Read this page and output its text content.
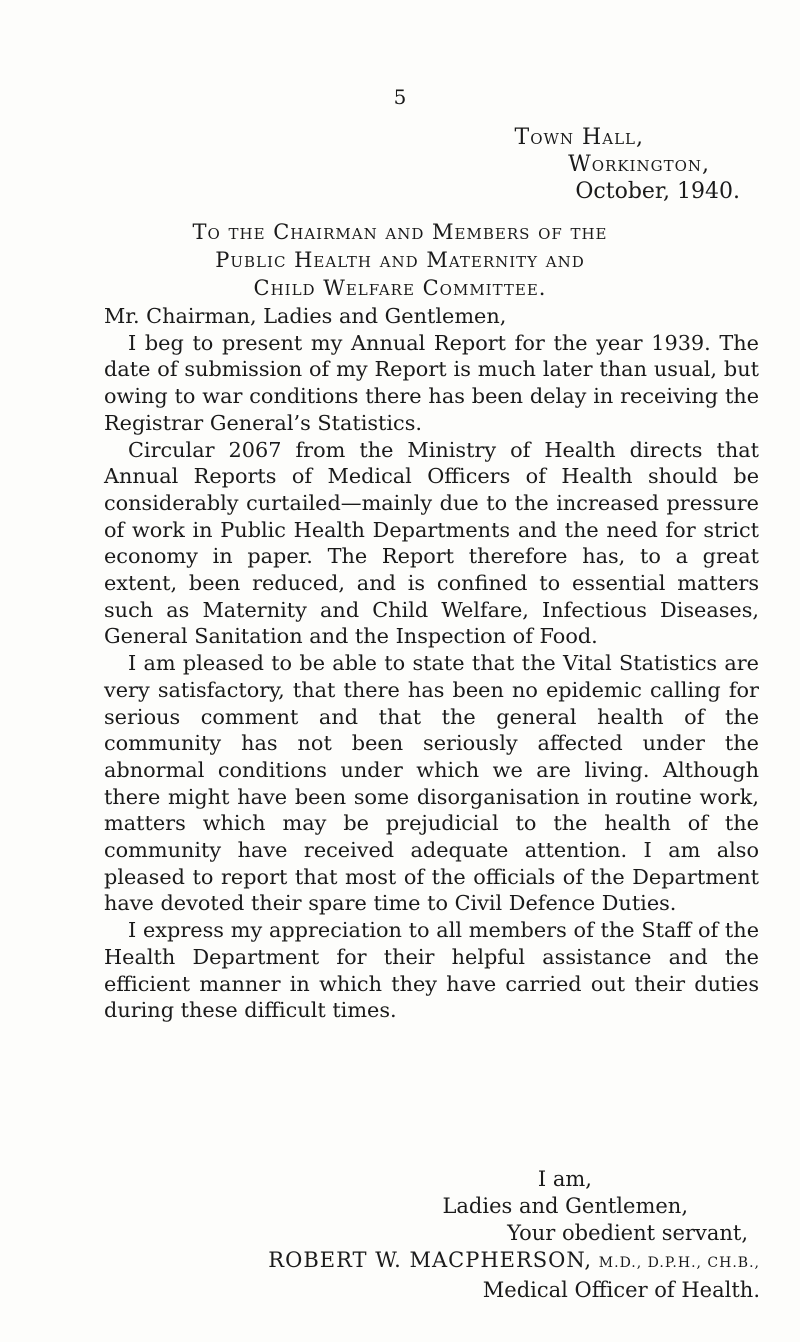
5
Town Hall,
Workington,
October, 1940.
To the Chairman and Members of the
Public Health and Maternity and
Child Welfare Committee.

Mr. Chairman, Ladies and Gentlemen,

I beg to present my Annual Report for the year 1939. The date of submission of my Report is much later than usual, but owing to war conditions there has been delay in receiving the Registrar General’s Statistics.

Circular 2067 from the Ministry of Health directs that Annual Reports of Medical Officers of Health should be considerably curtailed—mainly due to the increased pressure of work in Public Health Departments and the need for strict economy in paper. The Report therefore has, to a great extent, been reduced, and is confined to essential matters such as Maternity and Child Welfare, Infectious Diseases, General Sanitation and the Inspection of Food.

I am pleased to be able to state that the Vital Statistics are very satisfactory, that there has been no epidemic calling for serious comment and that the general health of the community has not been seriously affected under the abnormal conditions under which we are living. Although there might have been some disorganisation in routine work, matters which may be prejudicial to the health of the community have received adequate attention. I am also pleased to report that most of the officials of the Department have devoted their spare time to Civil Defence Duties.

I express my appreciation to all members of the Staff of the Health Department for their helpful assistance and the efficient manner in which they have carried out their duties during these difficult times.

I am,
Ladies and Gentlemen,
Your obedient servant,
ROBERT W. MACPHERSON, M.D., D.P.H., CH.B.,
Medical Officer of Health.
